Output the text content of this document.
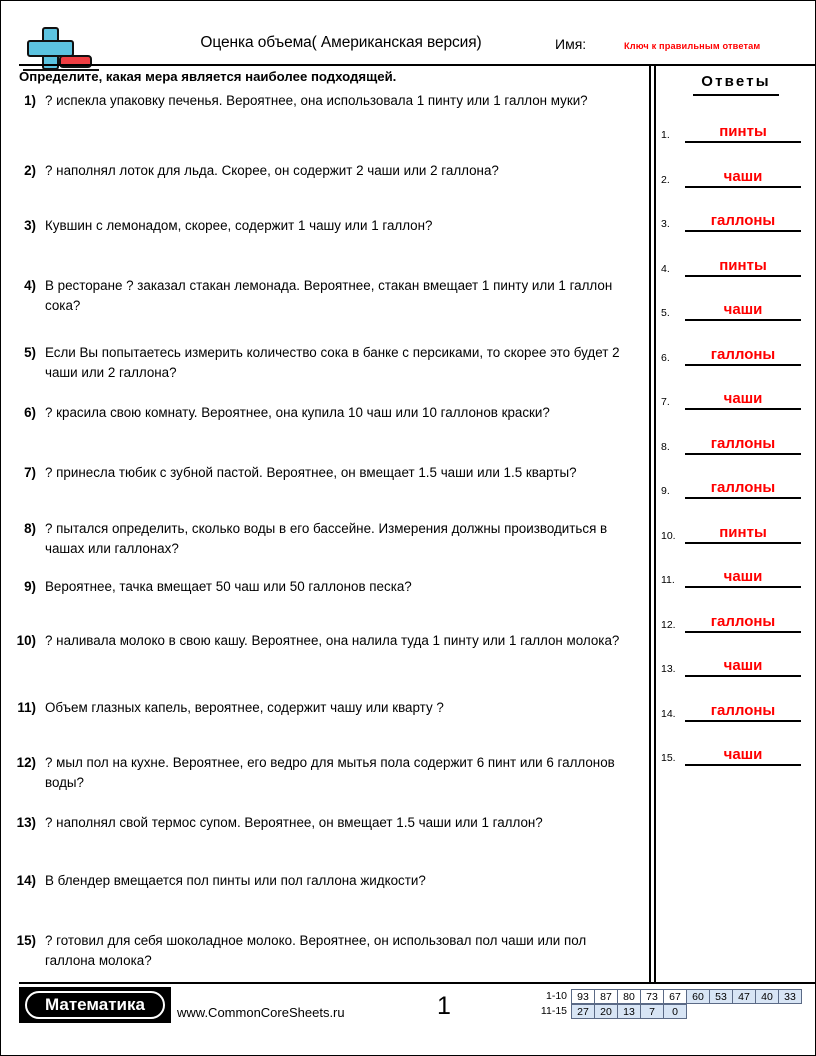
Оценка объема( Американская версия)	Имя:	Ключ к правильным ответам
Определите, какая мера является наиболее подходящей.
1) ? испекла упаковку печенья. Вероятнее, она использовала 1 пинту или 1 галлон муки?
2) ? наполнял лоток для льда. Скорее, он содержит 2 чаши или 2 галлона?
3) Кувшин с лемонадом, скорее, содержит 1 чашу или 1 галлон?
4) В ресторане ? заказал стакан лемонада. Вероятнее, стакан вмещает 1 пинту или 1 галлон сока?
5) Если Вы попытаетесь измерить количество сока в банке с персиками, то скорее это будет 2 чаши или 2 галлона?
6) ? красила свою комнату. Вероятнее, она купила 10 чаш или 10 галлонов краски?
7) ? принесла тюбик с зубной пастой. Вероятнее, он вмещает 1.5 чаши или 1.5 кварты?
8) ? пытался определить, сколько воды в его бассейне. Измерения должны производиться в чашах или галлонах?
9) Вероятнее, тачка вмещает 50 чаш или 50 галлонов песка?
10) ? наливала молоко в свою кашу. Вероятнее, она налила туда 1 пинту или 1 галлон молока?
11) Объем глазных капель, вероятнее, содержит чашу или кварту ?
12) ? мыл пол на кухне. Вероятнее, его ведро для мытья пола содержит 6 пинт или 6 галлонов воды?
13) ? наполнял свой термос супом. Вероятнее, он вмещает 1.5 чаши или 1 галлон?
14) В блендер вмещается пол пинты или пол галлона жидкости?
15) ? готовил для себя шоколадное молоко. Вероятнее, он использовал пол чаши или пол галлона молока?
Ответы
1.	пинты
2.	чаши
3.	галлоны
4.	пинты
5.	чаши
6.	галлоны
7.	чаши
8.	галлоны
9.	галлоны
10.	пинты
11.	чаши
12.	галлоны
13.	чаши
14.	галлоны
15.	чаши
Математика	www.CommonCoreSheets.ru	1	1-10 93	87	80	73	67	60	53	47	40	33
11-15 27	20	13	7	0
